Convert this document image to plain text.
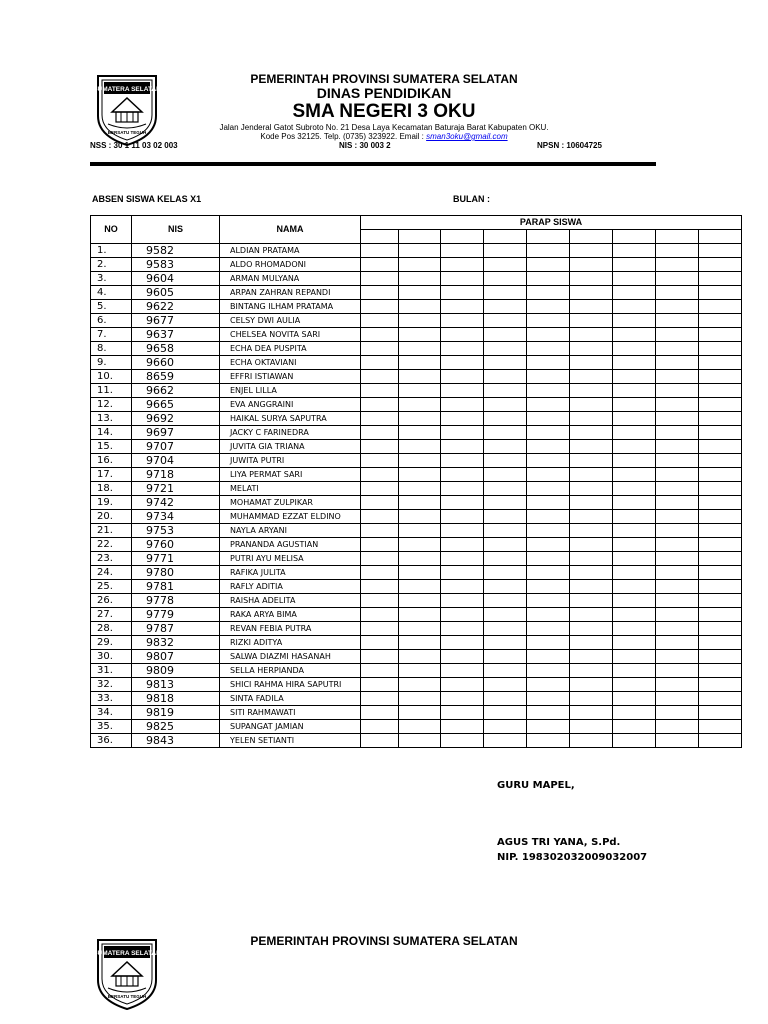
SUMATERA SELATAN
BERSATU TEGUH
PEMERINTAH PROVINSI SUMATERA SELATAN
DINAS PENDIDIKAN
SMA NEGERI 3 OKU
Jalan Jenderal Gatot Subroto No. 21 Desa Laya Kecamatan Baturaja Barat Kabupaten OKU.
Kode Pos 32125. Telp. (0735) 323922. Email : sman3oku@gmail.com
NSS : 30 1 11 03 02 003	NIS : 30 003 2	NPSN : 10604725
ABSEN SISWA KELAS X1	BULAN :
NO	NIS	NAMA	PARAP SISWA								

1.	9582	ALDIAN PRATAMA									
2.	9583	ALDO RHOMADONI									
3.	9604	ARMAN MULYANA									
4.	9605	ARPAN ZAHRAN REPANDI									
5.	9622	BINTANG ILHAM PRATAMA									
6.	9677	CELSY DWI AULIA									
7.	9637	CHELSEA NOVITA SARI									
8.	9658	ECHA DEA PUSPITA									
9.	9660	ECHA OKTAVIANI									
10.	8659	EFFRI ISTIAWAN									
11.	9662	ENJEL LILLA									
12.	9665	EVA ANGGRAINI									
13.	9692	HAIKAL SURYA SAPUTRA									
14.	9697	JACKY C FARINEDRA									
15.	9707	JUVITA GIA TRIANA									
16.	9704	JUWITA PUTRI									
17.	9718	LIYA PERMAT SARI									
18.	9721	MELATI									
19.	9742	MOHAMAT ZULPIKAR									
20.	9734	MUHAMMAD EZZAT ELDINO									
21.	9753	NAYLA ARYANI									
22.	9760	PRANANDA AGUSTIAN									
23.	9771	PUTRI AYU MELISA									
24.	9780	RAFIKA JULITA									
25.	9781	RAFLY ADITIA									
26.	9778	RAISHA ADELITA									
27.	9779	RAKA ARYA BIMA									
28.	9787	REVAN FEBIA PUTRA									
29.	9832	RIZKI ADITYA									
30.	9807	SALWA DIAZMI HASANAH									
31.	9809	SELLA HERPIANDA									
32.	9813	SHICI RAHMA HIRA SAPUTRI									
33.	9818	SINTA FADILA									
34.	9819	SITI RAHMAWATI									
35.	9825	SUPANGAT JAMIAN									
36.	9843	YELEN SETIANTI									
GURU MAPEL,
AGUS TRI YANA, S.Pd.
NIP. 198302032009032007
SUMATERA SELATAN
BERSATU TEGUH
PEMERINTAH PROVINSI SUMATERA SELATAN
